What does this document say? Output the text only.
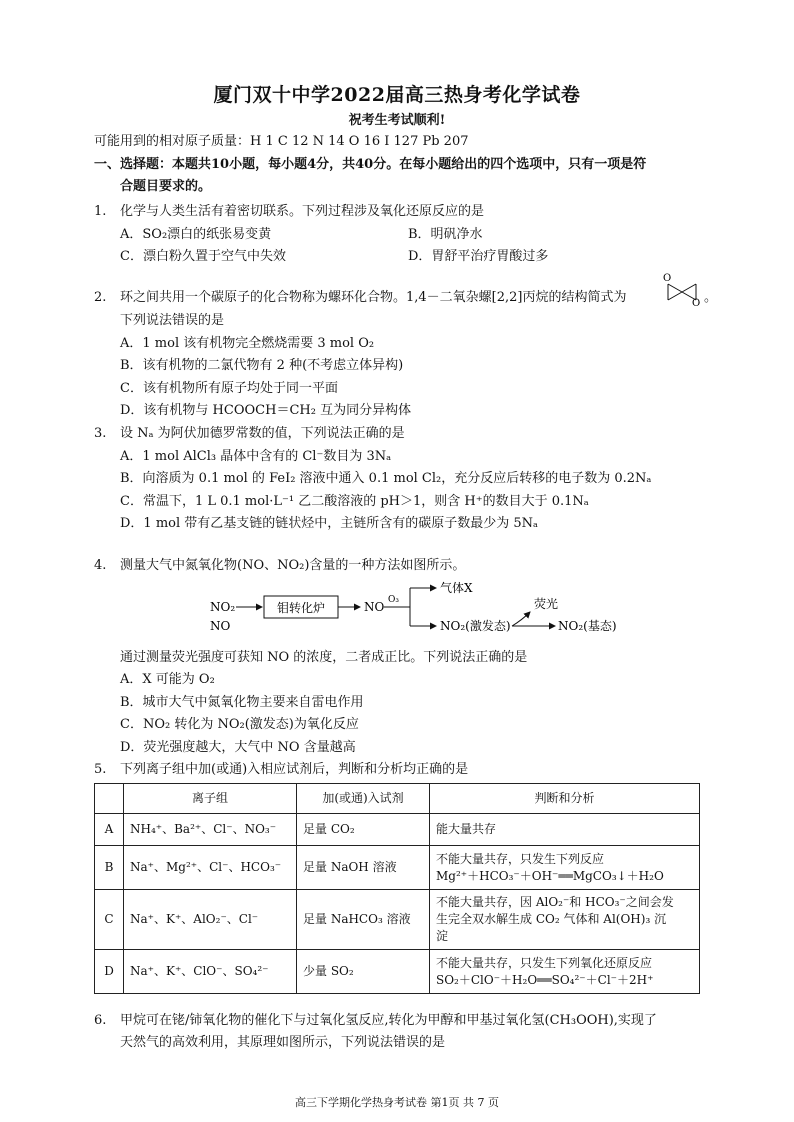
厦门双十中学2022届高三热身考化学试卷
祝考生考试顺利!
可能用到的相对原子质量：H 1 C 12 N 14 O 16 I 127 Pb 207
一、选择题：本题共10小题，每小题4分，共40分。在每小题给出的四个选项中，只有一项是符
合题目要求的。
1. 化学与人类生活有着密切联系。下列过程涉及氧化还原反应的是
A．SO₂漂白的纸张易变黄	B．明矾净水
C．漂白粉久置于空气中失效	D．胃舒平治疗胃酸过多
2. 环之间共用一个碳原子的化合物称为螺环化合物。1,4－二氧杂螺[2,2]丙烷的结构简式为
O
O 。
下列说法错误的是
A．1 mol 该有机物完全燃烧需要 3 mol O₂
B．该有机物的二氯代物有 2 种(不考虑立体异构)
C．该有机物所有原子均处于同一平面
D．该有机物与 HCOOCH＝CH₂ 互为同分异构体
3. 设 Nₐ 为阿伏加德罗常数的值，下列说法正确的是
A．1 mol AlCl₃ 晶体中含有的 Cl⁻数目为 3Nₐ
B．向溶质为 0.1 mol 的 FeI₂ 溶液中通入 0.1 mol Cl₂，充分反应后转移的电子数为 0.2Nₐ
C．常温下，1 L 0.1 mol·L⁻¹ 乙二酸溶液的 pH＞1，则含 H⁺的数目大于 0.1Nₐ
D．1 mol 带有乙基支链的链状烃中，主链所含有的碳原子数最少为 5Nₐ
4. 测量大气中氮氧化物(NO、NO₂)含量的一种方法如图所示。
NO₂
NO
钼转化炉	NO O₃
气体X
NO₂(激发态)
荧光
NO₂(基态)
通过测量荧光强度可获知 NO 的浓度，二者成正比。下列说法正确的是
A．X 可能为 O₂
B．城市大气中氮氧化物主要来自雷电作用
C．NO₂ 转化为 NO₂(激发态)为氧化反应
D．荧光强度越大，大气中 NO 含量越高
5. 下列离子组中加(或通)入相应试剂后，判断和分析均正确的是
	离子组	加(或通)入试剂	判断和分析
A	NH₄⁺、Ba²⁺、Cl⁻、NO₃⁻	足量 CO₂	能大量共存

B	Na⁺、Mg²⁺、Cl⁻、HCO₃⁻	足量 NaOH 溶液	不能大量共存，只发生下列反应
Mg²⁺＋HCO₃⁻＋OH⁻══MgCO₃↓＋H₂O

C	Na⁺、K⁺、AlO₂⁻、Cl⁻	足量 NaHCO₃ 溶液	不能大量共存，因 AlO₂⁻和 HCO₃⁻之间会发
生完全双水解生成 CO₂ 气体和 Al(OH)₃ 沉
淀

D	Na⁺、K⁺、ClO⁻、SO₄²⁻	少量 SO₂	不能大量共存，只发生下列氧化还原反应
SO₂＋ClO⁻＋H₂O══SO₄²⁻＋Cl⁻＋2H⁺
6. 甲烷可在铑/铈氧化物的催化下与过氧化氢反应,转化为甲醇和甲基过氧化氢(CH₃OOH),实现了
天然气的高效利用，其原理如图所示，下列说法错误的是
高三下学期化学热身考试卷 第1页 共 7 页
